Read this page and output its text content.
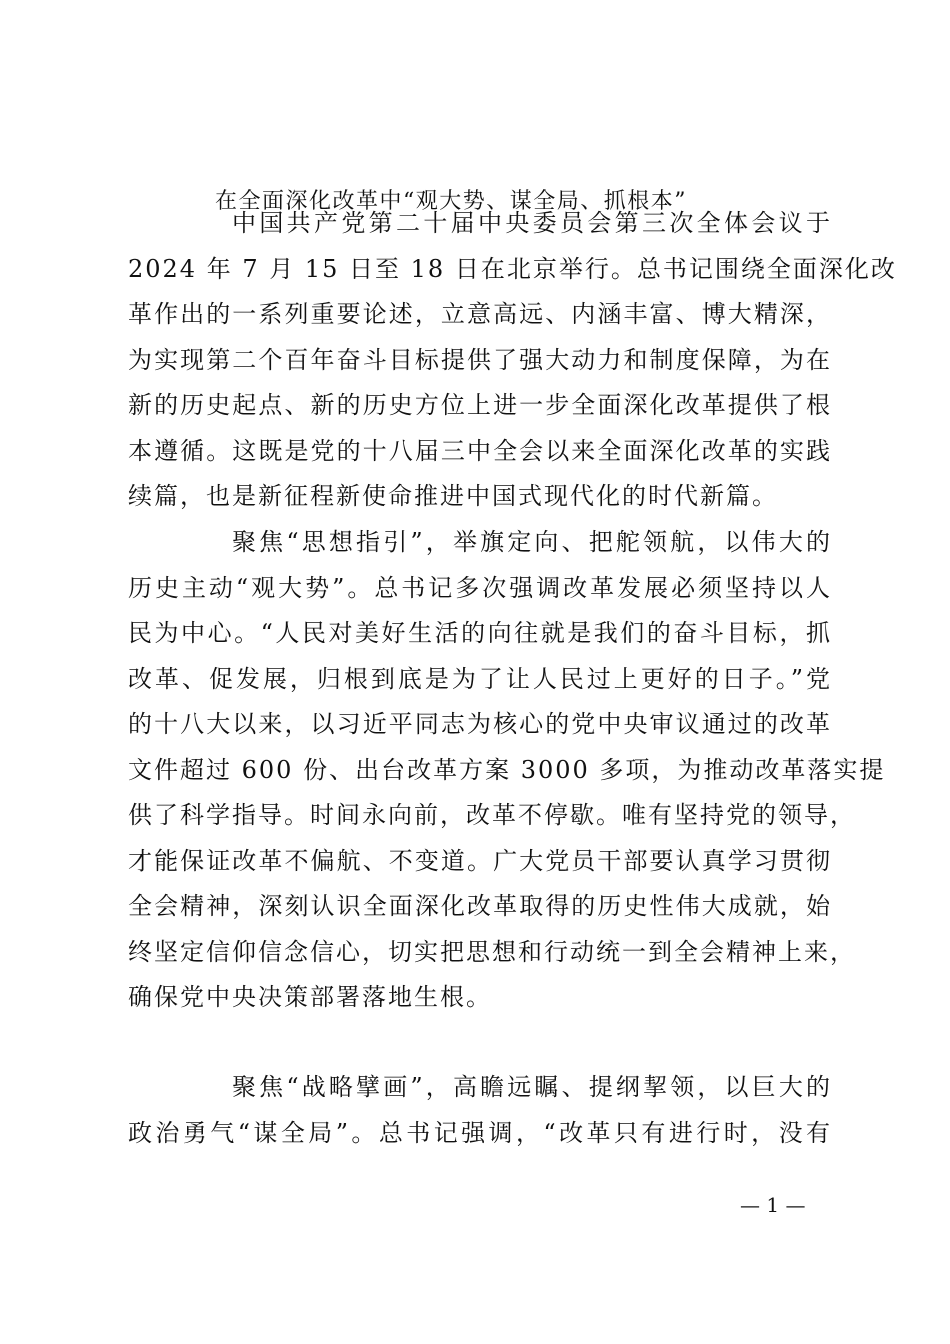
在全面深化改革中“观大势、谋全局、抓根本”
中国共产党第二十届中央委员会第三次全体会议于
2024 年 7 月 15 日至 18 日在北京举行。总书记围绕全面深化改
革作出的一系列重要论述，立意高远、内涵丰富、博大精深，
为实现第二个百年奋斗目标提供了强大动力和制度保障，为在
新的历史起点、新的历史方位上进一步全面深化改革提供了根
本遵循。这既是党的十八届三中全会以来全面深化改革的实践
续篇，也是新征程新使命推进中国式现代化的时代新篇。
聚焦“思想指引”，举旗定向、把舵领航，以伟大的
历史主动“观大势”。总书记多次强调改革发展必须坚持以人
民为中心。“人民对美好生活的向往就是我们的奋斗目标，抓
改革、促发展，归根到底是为了让人民过上更好的日子。”党
的十八大以来，以习近平同志为核心的党中央审议通过的改革
文件超过 600 份、出台改革方案 3000 多项，为推动改革落实提
供了科学指导。时间永向前，改革不停歇。唯有坚持党的领导，
才能保证改革不偏航、不变道。广大党员干部要认真学习贯彻
全会精神，深刻认识全面深化改革取得的历史性伟大成就，始
终坚定信仰信念信心，切实把思想和行动统一到全会精神上来，
确保党中央决策部署落地生根。
聚焦“战略擘画”，高瞻远瞩、提纲挈领，以巨大的
政治勇气“谋全局”。总书记强调，“改革只有进行时，没有
— 1 —
